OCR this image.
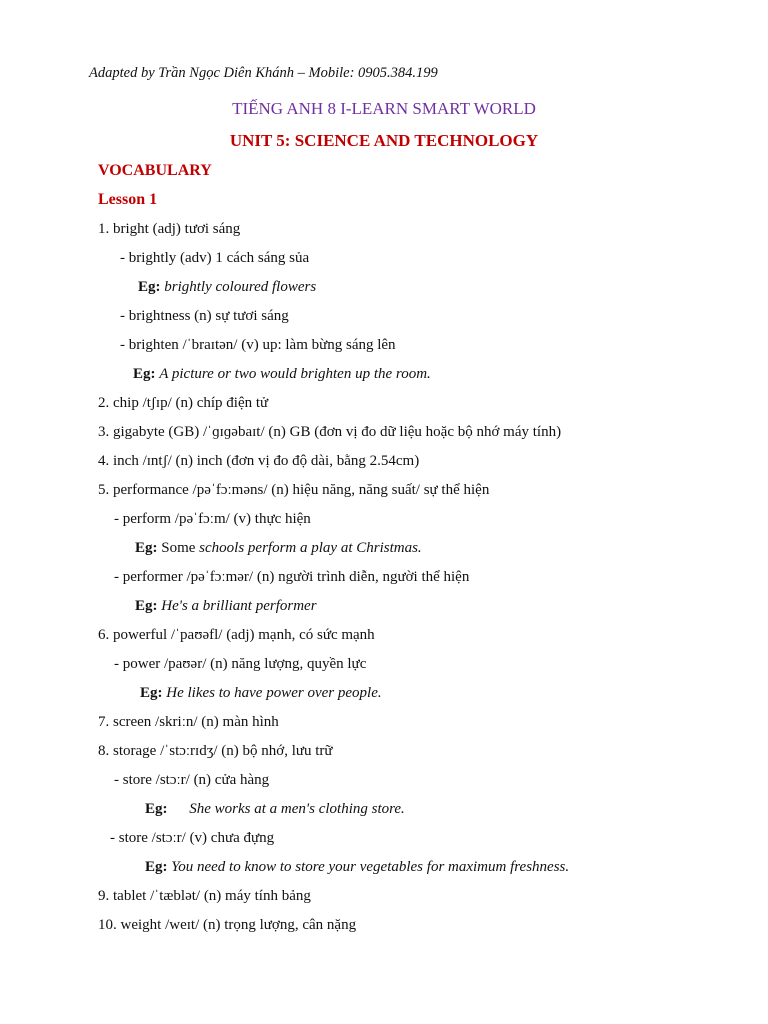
Adapted by Trần Ngọc Diên Khánh – Mobile: 0905.384.199
TIẾNG ANH 8 I-LEARN SMART WORLD
UNIT 5: SCIENCE AND TECHNOLOGY
VOCABULARY
Lesson 1
1. bright (adj) tươi sáng
- brightly (adv) 1 cách sáng sủa
Eg: brightly coloured flowers
- brightness (n) sự tươi sáng
- brighten /ˈbraɪtən/ (v) up: làm bừng sáng lên
Eg: A picture or two would brighten up the room.
2. chip /tʃɪp/ (n) chíp điện tử
3. gigabyte (GB) /ˈɡɪɡəbaɪt/ (n) GB (đơn vị đo dữ liệu hoặc bộ nhớ máy tính)
4. inch /ɪntʃ/ (n) inch (đơn vị đo độ dài, bằng 2.54cm)
5. performance /pəˈfɔːməns/ (n) hiệu năng, năng suất/ sự thể hiện
- perform /pəˈfɔːm/ (v) thực hiện
Eg: Some schools perform a play at Christmas.
- performer /pəˈfɔːmər/ (n) người trình diễn, người thể hiện
Eg: He's a brilliant performer
6. powerful /ˈpaʊəfl/ (adj) mạnh, có sức mạnh
- power /paʊər/ (n) năng lượng, quyền lực
Eg: He likes to have power over people.
7. screen /skriːn/ (n) màn hình
8. storage /ˈstɔːrɪdʒ/ (n) bộ nhớ, lưu trữ
- store /stɔːr/ (n) cửa hàng
Eg: She works at a men's clothing store.
- store /stɔːr/ (v) chưa đựng
Eg: You need to know to store your vegetables for maximum freshness.
9. tablet /ˈtæblət/ (n) máy tính bảng
10. weight /weɪt/ (n) trọng lượng, cân nặng
